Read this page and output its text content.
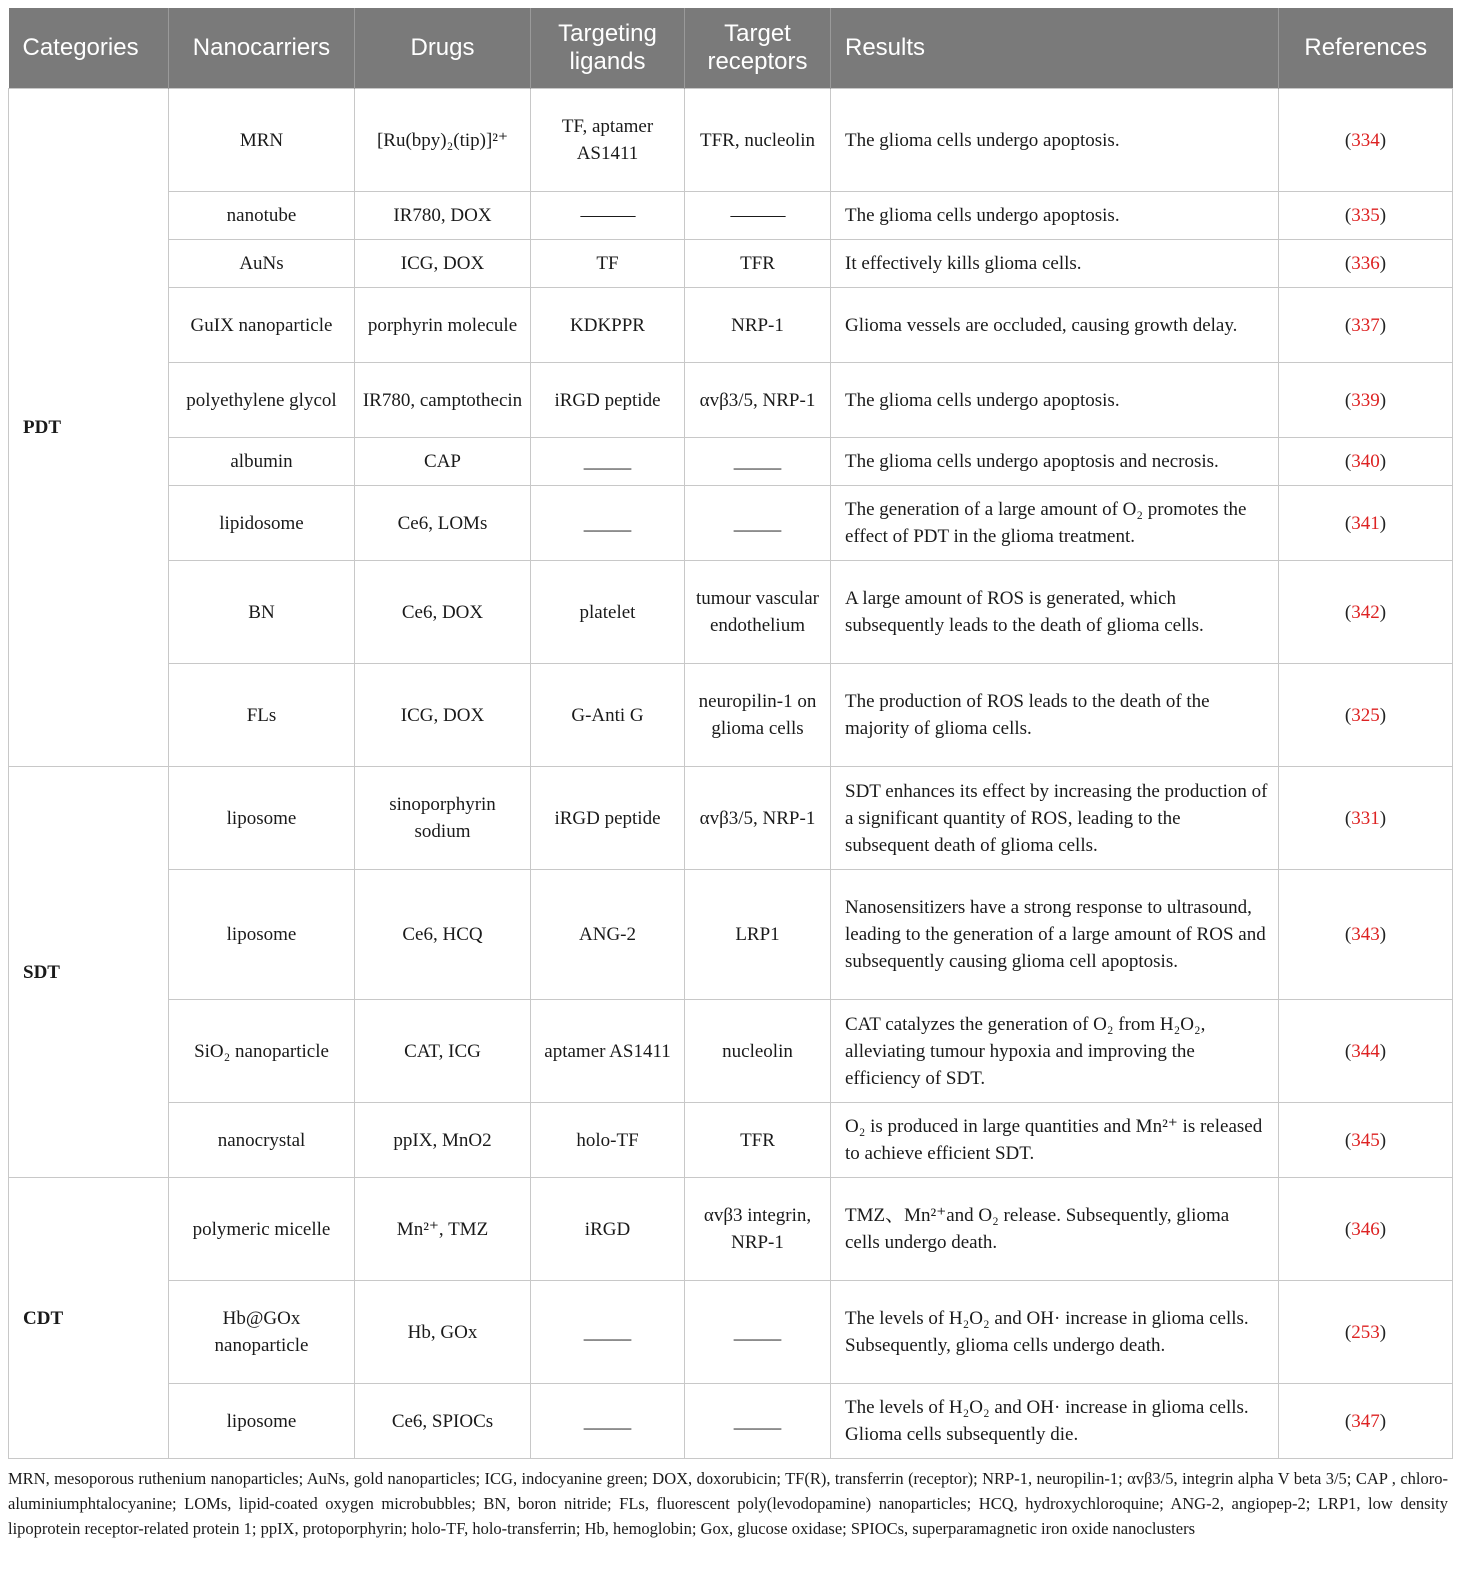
Categories	Nanocarriers	Drugs	Targeting ligands	Target receptors	Results	References
PDT	MRN	[Ru(bpy)₂(tip)]²⁺	TF, aptamer AS1411	TFR, nucleolin	The glioma cells undergo apoptosis.	(334)
	nanotube	IR780, DOX	———	———	The glioma cells undergo apoptosis.	(335)
	AuNs	ICG, DOX	TF	TFR	It effectively kills glioma cells.	(336)
	GuIX nanoparticle	porphyrin molecule	KDKPPR	NRP-1	Glioma vessels are occluded, causing growth delay.	(337)
	polyethylene glycol	IR780, camptothecin	iRGD peptide	αvβ3/5, NRP-1	The glioma cells undergo apoptosis.	(339)
	albumin	CAP	_____	_____	The glioma cells undergo apoptosis and necrosis.	(340)
	lipidosome	Ce6, LOMs	_____	_____	The generation of a large amount of O₂ promotes the effect of PDT in the glioma treatment.	(341)
	BN	Ce6, DOX	platelet	tumour vascular endothelium	A large amount of ROS is generated, which subsequently leads to the death of glioma cells.	(342)
	FLs	ICG, DOX	G-Anti G	neuropilin-1 on glioma cells	The production of ROS leads to the death of the majority of glioma cells.	(325)
SDT	liposome	sinoporphyrin sodium	iRGD peptide	αvβ3/5, NRP-1	SDT enhances its effect by increasing the production of a significant quantity of ROS, leading to the subsequent death of glioma cells.	(331)
	liposome	Ce6, HCQ	ANG-2	LRP1	Nanosensitizers have a strong response to ultrasound, leading to the generation of a large amount of ROS and subsequently causing glioma cell apoptosis.	(343)
	SiO₂ nanoparticle	CAT, ICG	aptamer AS1411	nucleolin	CAT catalyzes the generation of O₂ from H₂O₂, alleviating tumour hypoxia and improving the efficiency of SDT.	(344)
	nanocrystal	ppIX, MnO2	holo-TF	TFR	O₂ is produced in large quantities and Mn²⁺ is released to achieve efficient SDT.	(345)
CDT	polymeric micelle	Mn²⁺, TMZ	iRGD	αvβ3 integrin, NRP-1	TMZ、Mn²⁺and O₂ release. Subsequently, glioma cells undergo death.	(346)
	Hb@GOx nanoparticle	Hb, GOx	_____	_____	The levels of H₂O₂ and OH· increase in glioma cells. Subsequently, glioma cells undergo death.	(253)
	liposome	Ce6, SPIOCs	_____	_____	The levels of H₂O₂ and OH· increase in glioma cells. Glioma cells subsequently die.	(347)
MRN, mesoporous ruthenium nanoparticles; AuNs, gold nanoparticles; ICG, indocyanine green; DOX, doxorubicin; TF(R), transferrin (receptor); NRP-1, neuropilin-1; αvβ3/5, integrin alpha V beta 3/5; CAP , chloro-aluminiumphtalocyanine; LOMs, lipid-coated oxygen microbubbles; BN, boron nitride; FLs, fluorescent poly(levodopamine) nanoparticles; HCQ, hydroxychloroquine; ANG-2, angiopep-2; LRP1, low density lipoprotein receptor-related protein 1; ppIX, protoporphyrin; holo-TF, holo-transferrin; Hb, hemoglobin; Gox, glucose oxidase; SPIOCs, superparamagnetic iron oxide nanoclusters
